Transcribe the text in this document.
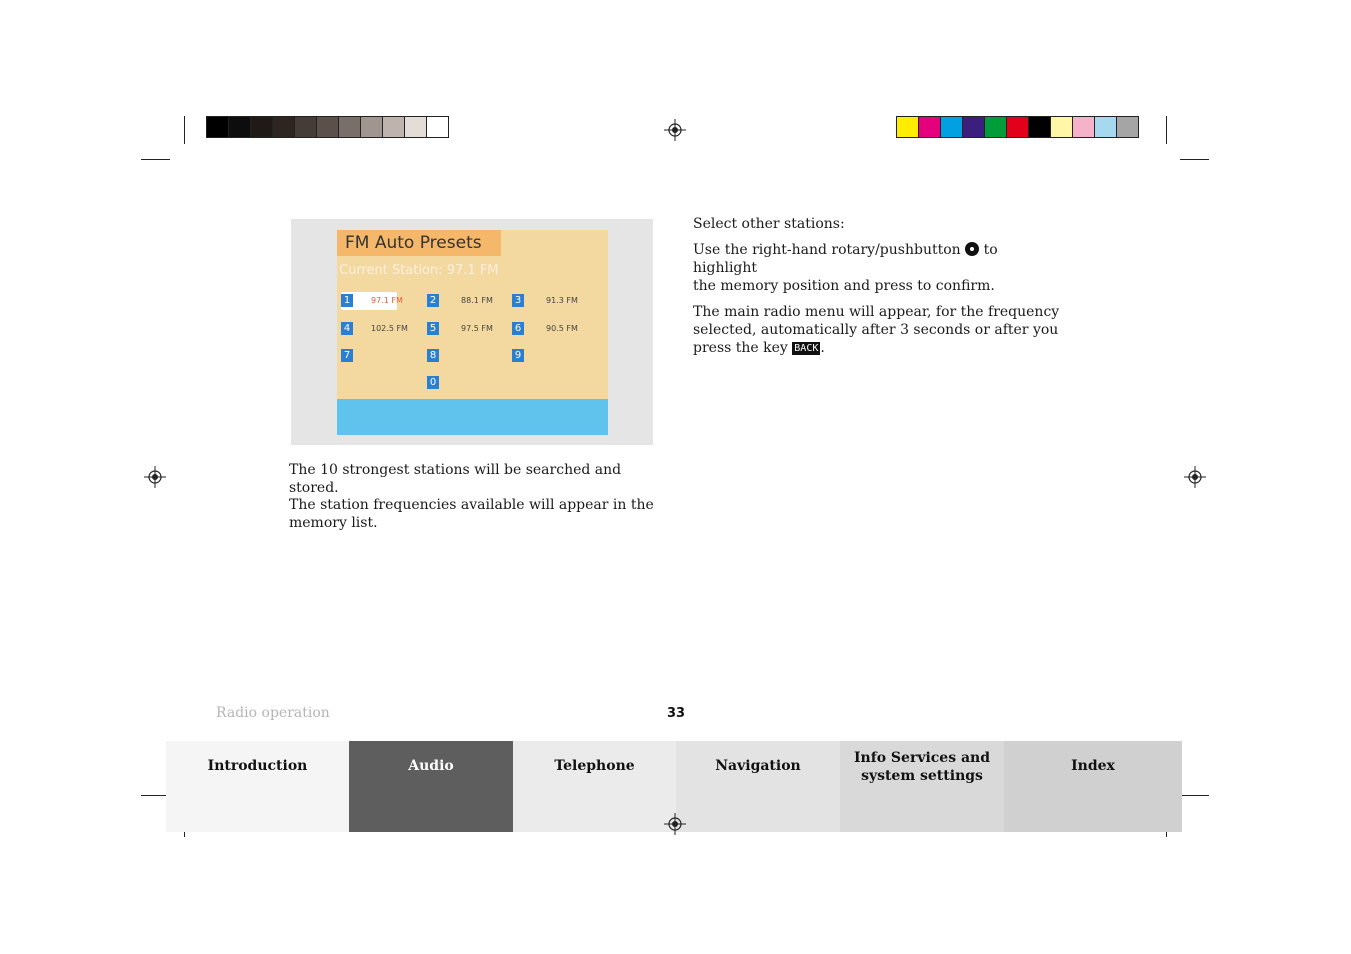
FM Auto Presets
Current Station: 97.1 FM
1	97.1 FM	2	88.1 FM 3	91.3 FM
4	102.5 FM 5	97.5 FM 6	90.5 FM
7	8	9
0
The 10 strongest stations will be searched and stored.
The station frequencies available will appear in the
memory list.

Select other stations:

Use the right-hand rotary/pushbutton to highlight
the memory position and press to confirm.

The main radio menu will appear, for the frequency
selected, automatically after 3 seconds or after you
press the key BACK .

Radio operation	33
Introduction	Audio	Telephone	Navigation	Info Services and
system settings
Index
